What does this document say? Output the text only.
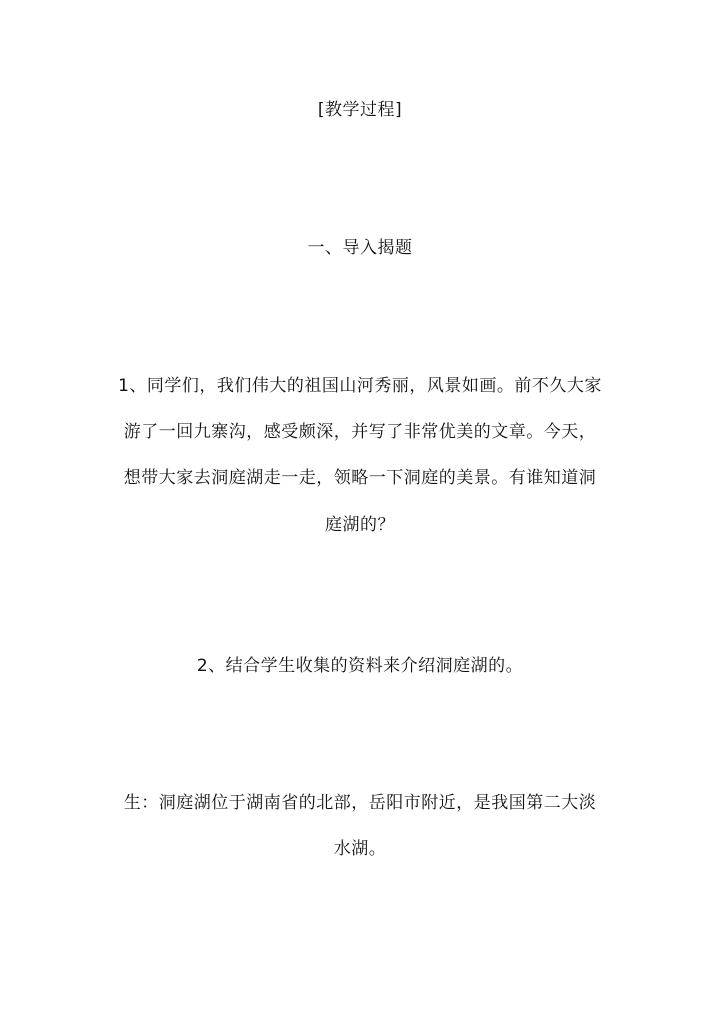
[教学过程]
一、导入揭题
1、同学们，我们伟大的祖国山河秀丽，风景如画。前不久大家
游了一回九寨沟，感受颇深，并写了非常优美的文章。今天，
想带大家去洞庭湖走一走，领略一下洞庭的美景。有谁知道洞
庭湖的？
2、结合学生收集的资料来介绍洞庭湖的。
生：洞庭湖位于湖南省的北部，岳阳市附近，是我国第二大淡
水湖。
